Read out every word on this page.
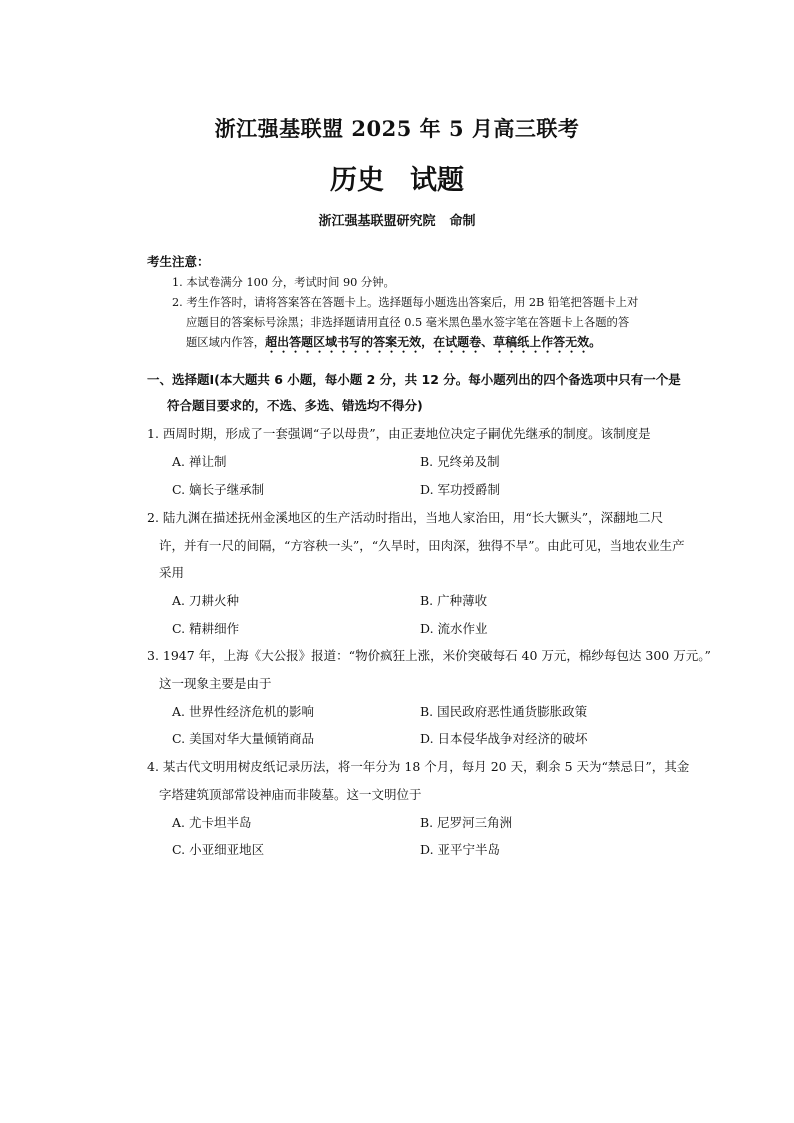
浙江强基联盟 2025 年 5 月高三联考
历史 试题
浙江强基联盟研究院 命制
考生注意：
1. 本试卷满分 100 分，考试时间 90 分钟。
2. 考生作答时，请将答案答在答题卡上。选择题每小题选出答案后，用 2B 铅笔把答题卡上对
应题目的答案标号涂黑；非选择题请用直径 0.5 毫米黑色墨水签字笔在答题卡上各题的答
题区域内作答，超出答题区域书写的答案无效，在试题卷、草稿纸上作答无效。
一、选择题Ⅰ(本大题共 6 小题，每小题 2 分，共 12 分。每小题列出的四个备选项中只有一个是
符合题目要求的，不选、多选、错选均不得分)
1. 西周时期，形成了一套强调“子以母贵”，由正妻地位决定子嗣优先继承的制度。该制度是
A. 禅让制	B. 兄终弟及制
C. 嫡长子继承制	D. 军功授爵制
2. 陆九渊在描述抚州金溪地区的生产活动时指出，当地人家治田，用“长大镢头”，深翻地二尺
许，并有一尺的间隔，“方容秧一头”，“久旱时，田肉深，独得不旱”。由此可见，当地农业生产
采用
A. 刀耕火种	B. 广种薄收
C. 精耕细作	D. 流水作业
3. 1947 年，上海《大公报》报道：“物价疯狂上涨，米价突破每石 40 万元，棉纱每包达 300 万元。”
这一现象主要是由于
A. 世界性经济危机的影响	B. 国民政府恶性通货膨胀政策
C. 美国对华大量倾销商品	D. 日本侵华战争对经济的破坏
4. 某古代文明用树皮纸记录历法，将一年分为 18 个月，每月 20 天，剩余 5 天为“禁忌日”，其金
字塔建筑顶部常设神庙而非陵墓。这一文明位于
A. 尤卡坦半岛	B. 尼罗河三角洲
C. 小亚细亚地区	D. 亚平宁半岛
